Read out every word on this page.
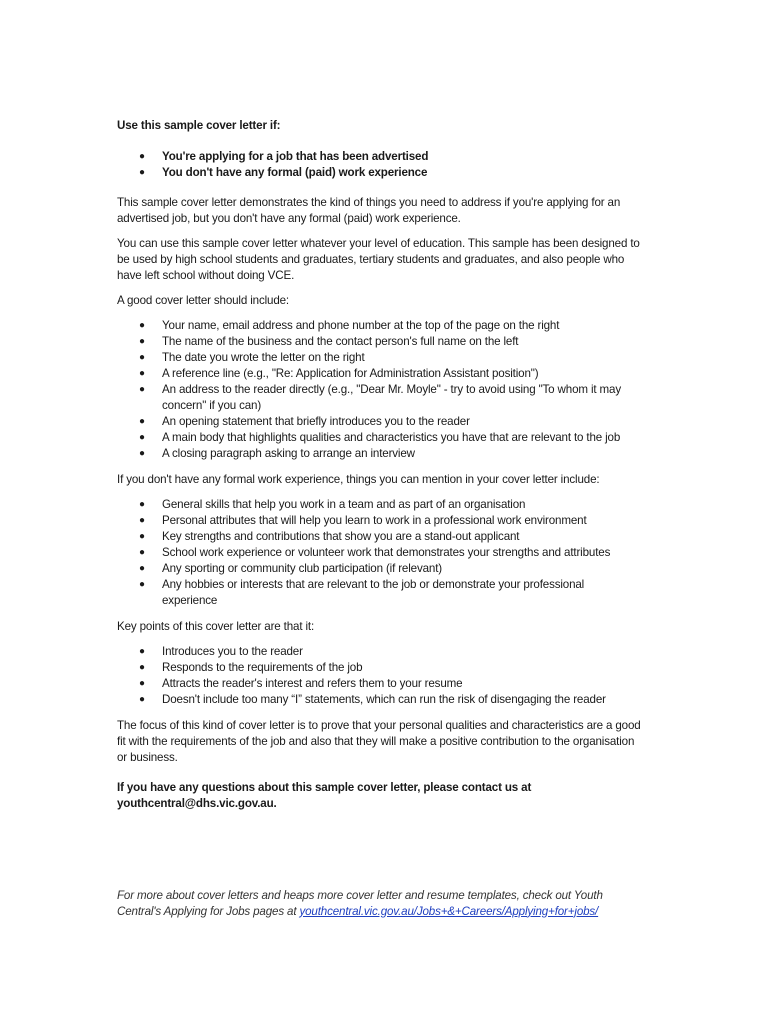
Use this sample cover letter if:

● You're applying for a job that has been advertised
● You don't have any formal (paid) work experience

This sample cover letter demonstrates the kind of things you need to address if you're applying for an advertised job, but you don't have any formal (paid) work experience.

You can use this sample cover letter whatever your level of education. This sample has been designed to be used by high school students and graduates, tertiary students and graduates, and also people who have left school without doing VCE.

A good cover letter should include:

● Your name, email address and phone number at the top of the page on the right
● The name of the business and the contact person's full name on the left
● The date you wrote the letter on the right
● A reference line (e.g., "Re: Application for Administration Assistant position")
● An address to the reader directly (e.g., "Dear Mr. Moyle" - try to avoid using "To whom it may concern" if you can)
● An opening statement that briefly introduces you to the reader
● A main body that highlights qualities and characteristics you have that are relevant to the job
● A closing paragraph asking to arrange an interview

If you don't have any formal work experience, things you can mention in your cover letter include:

● General skills that help you work in a team and as part of an organisation
● Personal attributes that will help you learn to work in a professional work environment
● Key strengths and contributions that show you are a stand-out applicant
● School work experience or volunteer work that demonstrates your strengths and attributes
● Any sporting or community club participation (if relevant)
● Any hobbies or interests that are relevant to the job or demonstrate your professional experience

Key points of this cover letter are that it:

● Introduces you to the reader
● Responds to the requirements of the job
● Attracts the reader's interest and refers them to your resume
● Doesn't include too many “I” statements, which can run the risk of disengaging the reader

The focus of this kind of cover letter is to prove that your personal qualities and characteristics are a good fit with the requirements of the job and also that they will make a positive contribution to the organisation or business.

If you have any questions about this sample cover letter, please contact us at youthcentral@dhs.vic.gov.au.

For more about cover letters and heaps more cover letter and resume templates, check out Youth Central's Applying for Jobs pages at youthcentral.vic.gov.au/Jobs+&+Careers/Applying+for+jobs/
